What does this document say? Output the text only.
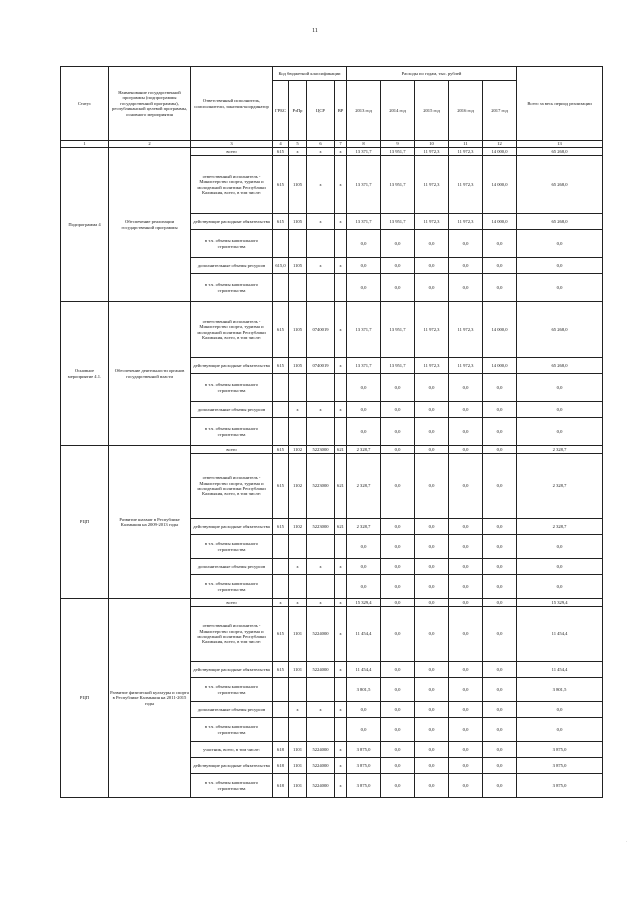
11
Статус	Наименование государственной программы (подпрограммы государственной программы), республиканской целевой программы, основного мероприятия	Ответственный исполнитель, соисполнители, заказчик-координатор	Код бюджетной классификации				Расходы по годам, тыс. рублей					Всего за весь период реализации
			ГРБС	РзПр	ЦСР	ВР	2013 год	2014 год	2015 год	2016 год	2017 год	
1	2	3	4	5	6	7	8	9	10	11	12	13
Подпрограмма 4	Обеспечение реализации государственной программы	всего	615	х	х	х	13 371,7	13 951,7	11 972,3	11 972,3	14 000,0	65 268,0
		ответственный исполнитель - Министерство спорта, туризма и молодежной политики Республики Калмыкия, всего, в том числе:	615	1105	х	х	13 371,7	13 951,7	11 972,3	11 972,3	14 000,0	65 268,0
		действующие расходные обязательства	615	1105	х	х	13 371,7	13 951,7	11 972,3	11 972,3	14 000,0	65 268,0
		в т.ч. объемы капитального строительства					0,0	0,0	0,0	0,0	0,0	0,0
		дополнительные объемы ресурсов	615,0	1105	х	х	0,0	0,0	0,0	0,0	0,0	0,0
		в т.ч. объемы капитального строительства					0,0	0,0	0,0	0,0	0,0	0,0
Основное мероприятие 4.1.	Обеспечение деятельности органов государственной власти	ответственный исполнитель - Министерство спорта, туризма и молодежной политики Республики Калмыкия, всего, в том числе:	615	1105	0740019	х	13 371,7	13 951,7	11 972,3	11 972,3	14 000,0	65 268,0
		действующие расходные обязательства	615	1105	0740019	х	13 371,7	13 951,7	11 972,3	11 972,3	14 000,0	65 268,0
		в т.ч. объемы капитального строительства					0,0	0,0	0,0	0,0	0,0	0,0
		дополнительные объемы ресурсов		х	х	х	0,0	0,0	0,0	0,0	0,0	0,0
		в т.ч. объемы капитального строительства					0,0	0,0	0,0	0,0	0,0	0,0
РЦП	Развитие шахмат в Республике Калмыкия на 2009-2013 годы	всего	615	1102	5223000	621	2 328,7	0,0	0,0	0,0	0,0	2 328,7
		ответственный исполнитель - Министерство спорта, туризма и молодежной политики Республики Калмыкия, всего, в том числе:	615	1102	5223000	621	2 328,7	0,0	0,0	0,0	0,0	2 328,7
		действующие расходные обязательства	615	1102	5223000	621	2 328,7	0,0	0,0	0,0	0,0	2 328,7
		в т.ч. объемы капитального строительства					0,0	0,0	0,0	0,0	0,0	0,0
		дополнительные объемы ресурсов		х	х	х	0,0	0,0	0,0	0,0	0,0	0,0
		в т.ч. объемы капитального строительства					0,0	0,0	0,0	0,0	0,0	0,0
РЦП	Развитие физической культуры и спорта в Республике Калмыкия на 2011-2015 годы	всего	х	х	х	х	15 329,4	0,0	0,0	0,0	0,0	15 329,4
		ответственный исполнитель - Министерство спорта, туризма и молодежной политики Республики Калмыкия, всего, в том числе:	615	1101	5224000	х	11 454,4	0,0	0,0	0,0	0,0	11 454,4
		действующие расходные обязательства	615	1101	5224000	х	11 454,4	0,0	0,0	0,0	0,0	11 454,4
		в т.ч. объемы капитального строительства					3 801,5	0,0	0,0	0,0	0,0	3 801,5
		дополнительные объемы ресурсов		х	х	х	0,0	0,0	0,0	0,0	0,0	0,0
		в т.ч. объемы капитального строительства					0,0	0,0	0,0	0,0	0,0	0,0
		участник, всего, в том числе:	618	1101	5224000	х	3 875,0	0,0	0,0	0,0	0,0	3 875,0
		действующие расходные обязательства	618	1101	5224000	х	3 875,0	0,0	0,0	0,0	0,0	3 875,0
		в т.ч. объемы капитального строительства	618	1101	5224000	х	3 875,0	0,0	0,0	0,0	0,0	3 875,0
.
